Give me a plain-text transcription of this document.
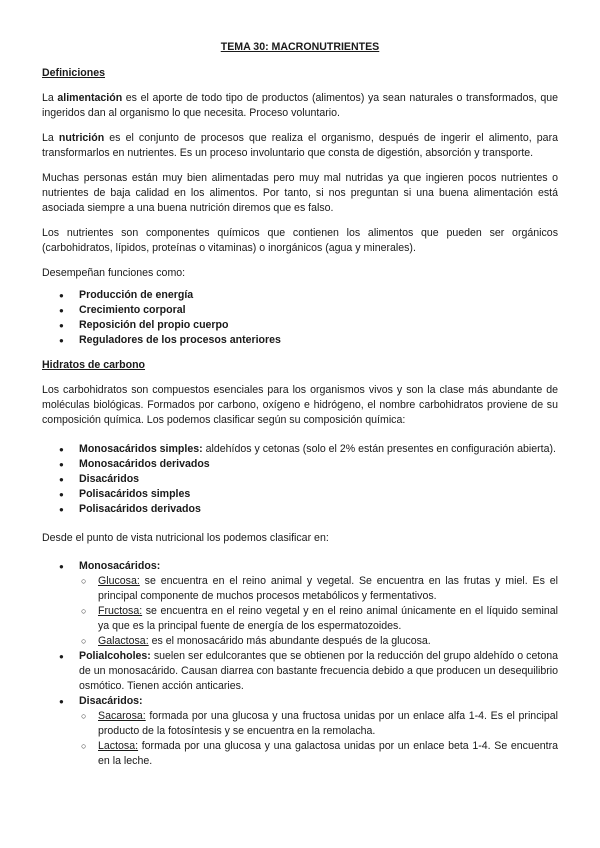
TEMA 30: MACRONUTRIENTES
Definiciones

La alimentación es el aporte de todo tipo de productos (alimentos) ya sean naturales o transformados, que ingeridos dan al organismo lo que necesita. Proceso voluntario.

La nutrición es el conjunto de procesos que realiza el organismo, después de ingerir el alimento, para transformarlos en nutrientes. Es un proceso involuntario que consta de digestión, absorción y transporte.

Muchas personas están muy bien alimentadas pero muy mal nutridas ya que ingieren pocos nutrientes o nutrientes de baja calidad en los alimentos. Por tanto, si nos preguntan si una buena alimentación está asociada siempre a una buena nutrición diremos que es falso.

Los nutrientes son componentes químicos que contienen los alimentos que pueden ser orgánicos (carbohidratos, lípidos, proteínas o vitaminas) o inorgánicos (agua y minerales).

Desempeñan funciones como:

● Producción de energía
● Crecimiento corporal
● Reposición del propio cuerpo
● Reguladores de los procesos anteriores
Hidratos de carbono

Los carbohidratos son compuestos esenciales para los organismos vivos y son la clase más abundante de moléculas biológicas. Formados por carbono, oxígeno e hidrógeno, el nombre carbohidratos proviene de su composición química. Los podemos clasificar según su composición química:

● Monosacáridos simples: aldehídos y cetonas (solo el 2% están presentes en configuración abierta).
● Monosacáridos derivados
● Disacáridos
● Polisacáridos simples
● Polisacáridos derivados

Desde el punto de vista nutricional los podemos clasificar en:

● Monosacáridos:
○ Glucosa: se encuentra en el reino animal y vegetal. Se encuentra en las frutas y miel. Es el principal componente de muchos procesos metabólicos y fermentativos.
○ Fructosa: se encuentra en el reino vegetal y en el reino animal únicamente en el líquido seminal ya que es la principal fuente de energía de los espermatozoides.
○ Galactosa: es el monosacárido más abundante después de la glucosa.
● Polialcoholes: suelen ser edulcorantes que se obtienen por la reducción del grupo aldehído o cetona de un monosacárido. Causan diarrea con bastante frecuencia debido a que producen un desequilibrio osmótico. Tienen acción anticaries.
● Disacáridos:
○ Sacarosa: formada por una glucosa y una fructosa unidas por un enlace alfa 1-4. Es el principal producto de la fotosíntesis y se encuentra en la remolacha.
○ Lactosa: formada por una glucosa y una galactosa unidas por un enlace beta 1-4. Se encuentra en la leche.
